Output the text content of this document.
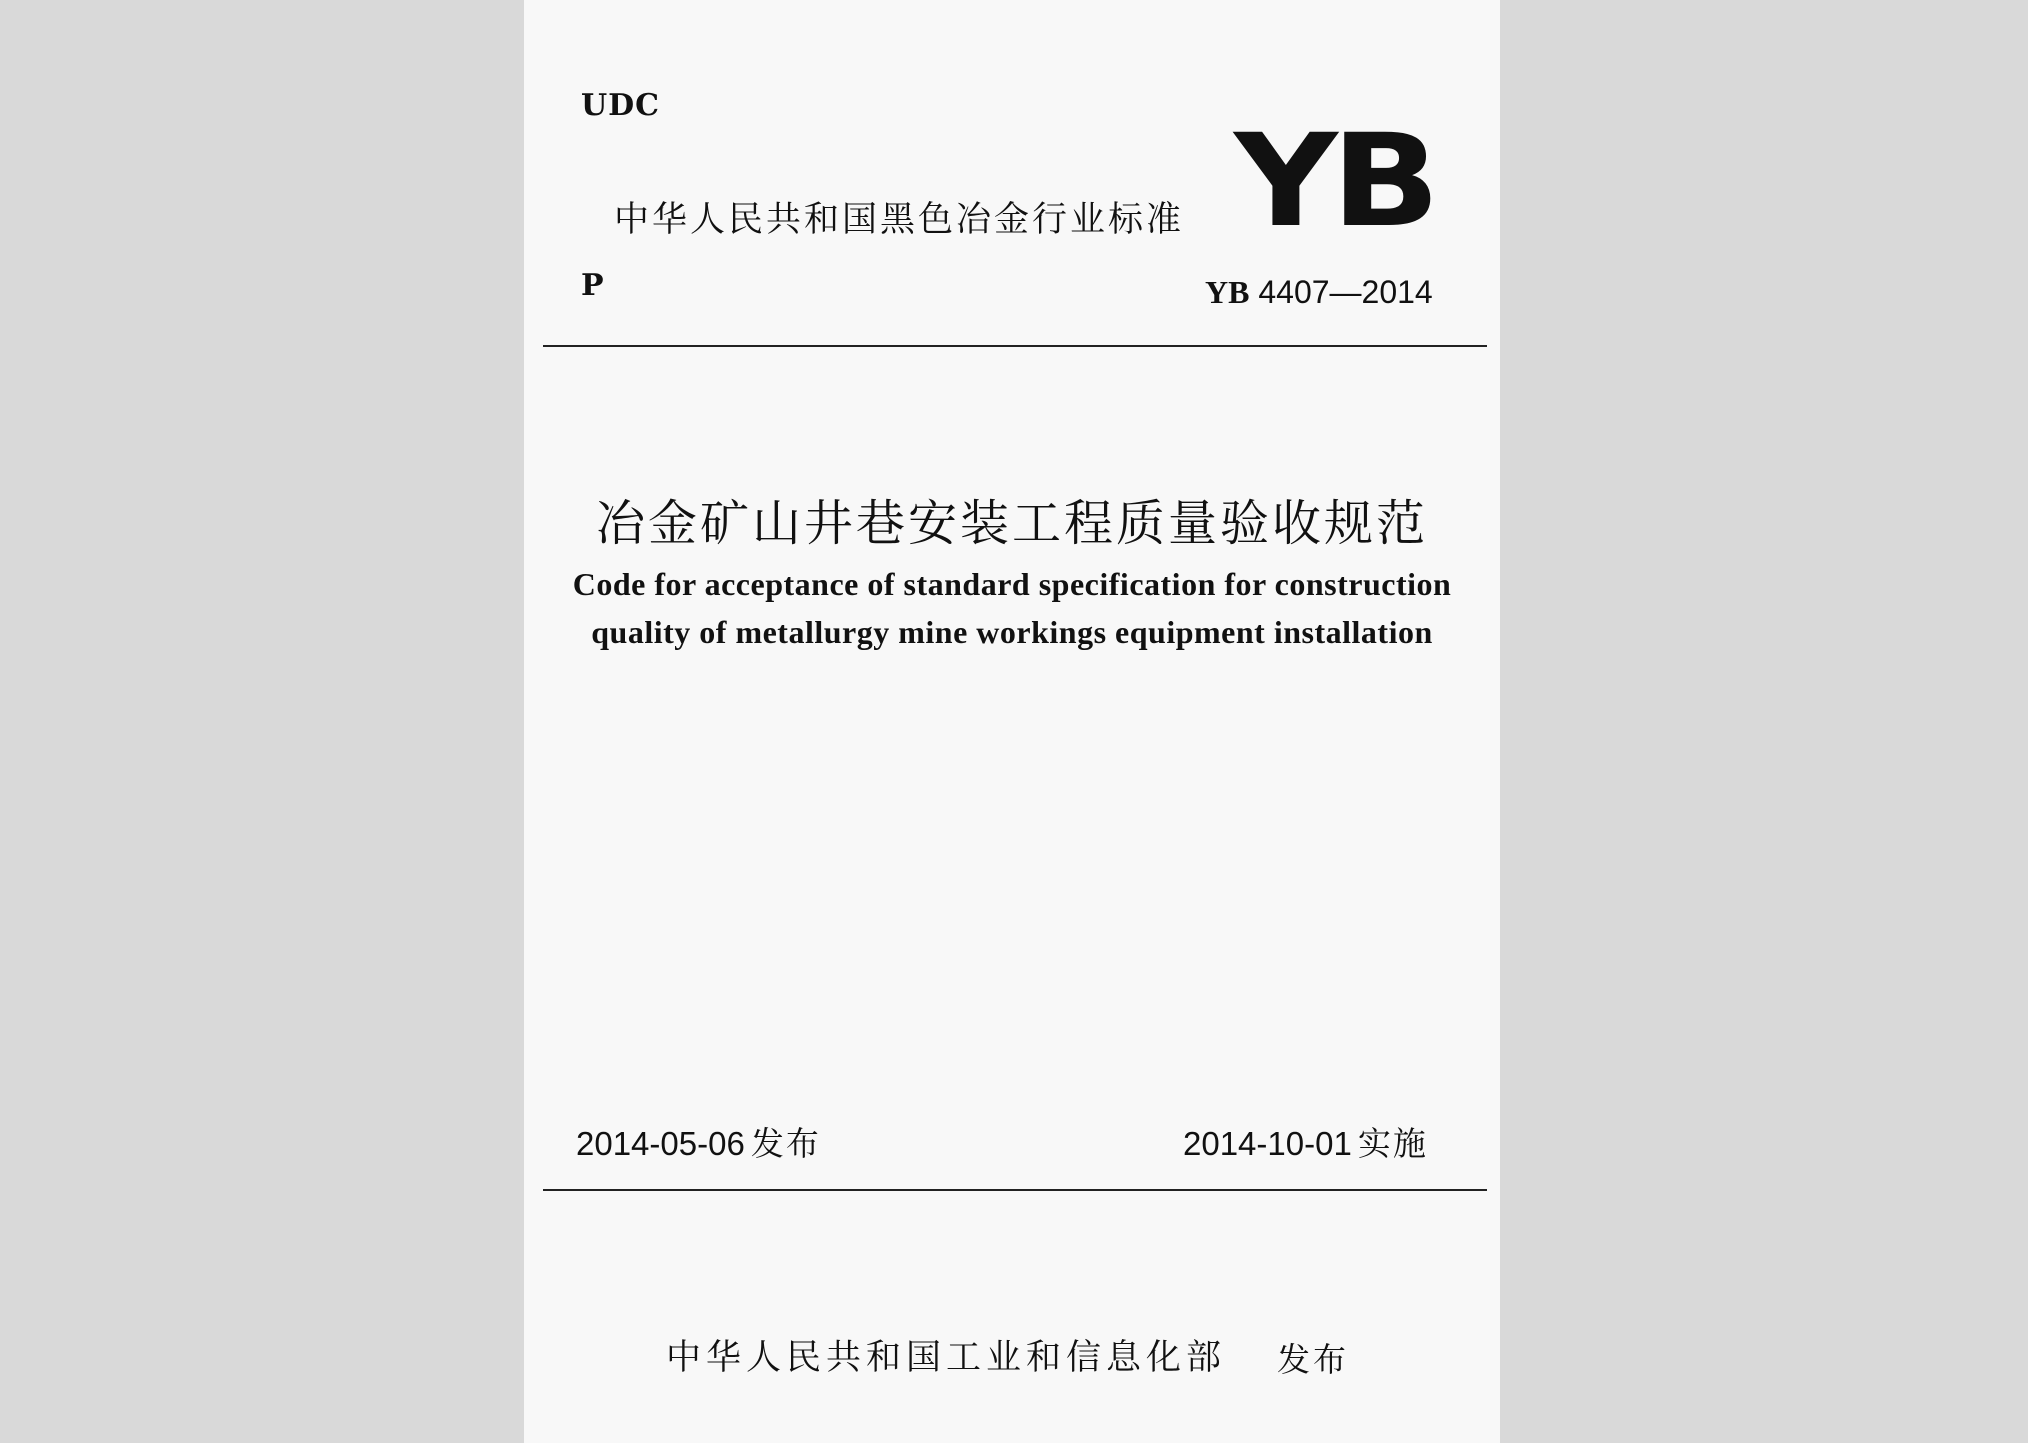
UDC
中华人民共和国黑色冶金行业标准 YB
P	YB 4407—2014
冶金矿山井巷安装工程质量验收规范
Code for acceptance of standard specification for construction
quality of metallurgy mine workings equipment installation
2014-05-06 发布	2014-10-01 实施
中华人民共和国工业和信息化部 发布
